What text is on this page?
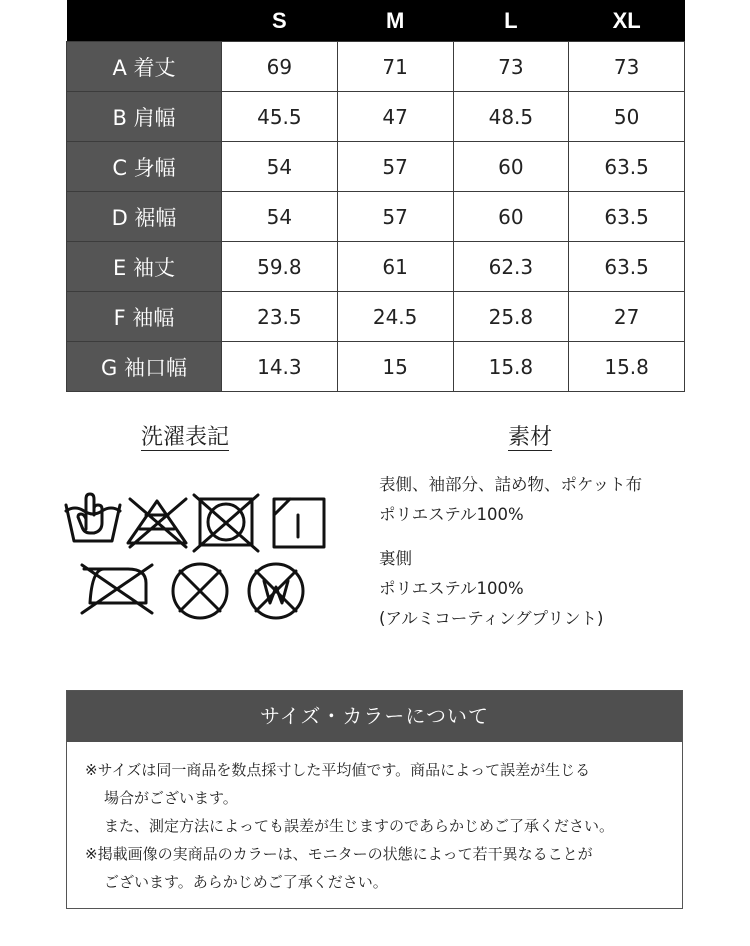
	S	M	L	XL
A 着丈	69	71	73	73
B 肩幅	45.5	47	48.5	50
C 身幅	54	57	60	63.5
D 裾幅	54	57	60	63.5
E 袖丈	59.8	61	62.3	63.5
F 袖幅	23.5	24.5	25.8	27
G 袖口幅	14.3	15	15.8	15.8
洗濯表記	素材
表側、袖部分、詰め物、ポケット布
ポリエステル100%
裏側
ポリエステル100%
(アルミコーティングプリント)
サイズ・カラーについて
※サイズは同一商品を数点採寸した平均値です。商品によって誤差が生じる
場合がございます。
また、測定方法によっても誤差が生じますのであらかじめご了承ください。
※掲載画像の実商品のカラーは、モニターの状態によって若干異なることが
ございます。あらかじめご了承ください。
